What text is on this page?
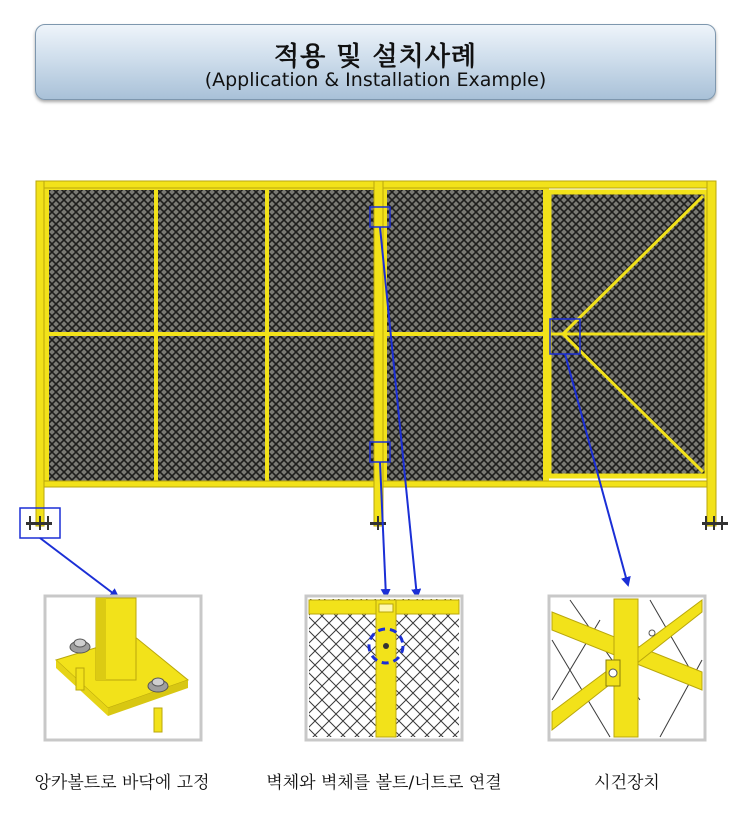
적용 및 설치사례
(Application & Installation Example)
앙카볼트로 바닥에 고정	벽체와 벽체를 볼트/너트로 연결	시건장치
